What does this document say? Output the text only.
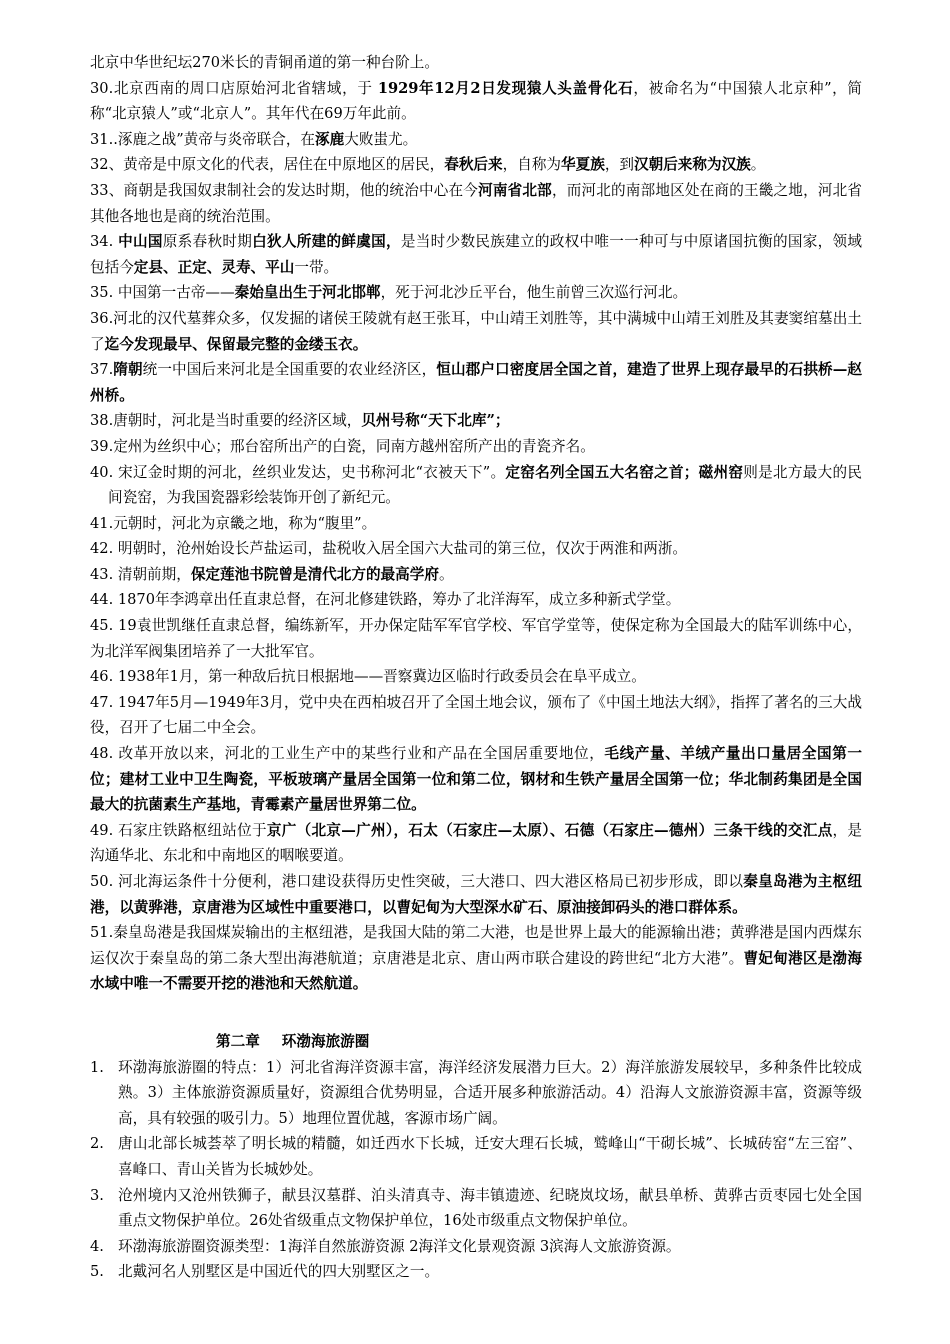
北京中华世纪坛270米长的青铜甬道的第一种台阶上。

30.北京西南的周口店原始河北省辖域，于 1929年12月2日发现猿人头盖骨化石，被命名为“中国猿人北京种”，简称“北京猿人”或“北京人”。其年代在69万年此前。

31..涿鹿之战”黄帝与炎帝联合，在涿鹿大败蚩尤。

32、黄帝是中原文化的代表，居住在中原地区的居民，春秋后来，自称为华夏族，到汉朝后来称为汉族。

33、商朝是我国奴隶制社会的发达时期，他的统治中心在今河南省北部，而河北的南部地区处在商的王畿之地，河北省其他各地也是商的统治范围。

34. 中山国原系春秋时期白狄人所建的鲜虞国，是当时少数民族建立的政权中唯一一种可与中原诸国抗衡的国家，领域包括今定县、正定、灵寿、平山一带。

35. 中国第一古帝——秦始皇出生于河北邯郸，死于河北沙丘平台，他生前曾三次巡行河北。

36.河北的汉代墓葬众多，仅发掘的诸侯王陵就有赵王张耳，中山靖王刘胜等，其中满城中山靖王刘胜及其妻窦绾墓出土了迄今发现最早、保留最完整的金缕玉衣。

37.隋朝统一中国后来河北是全国重要的农业经济区，恒山郡户口密度居全国之首，建造了世界上现存最早的石拱桥—赵州桥。

38.唐朝时，河北是当时重要的经济区域，贝州号称“天下北库”；

39.定州为丝织中心；邢台窑所出产的白瓷，同南方越州窑所产出的青瓷齐名。

40. 宋辽金时期的河北，丝织业发达，史书称河北“衣被天下”。定窑名列全国五大名窑之首；磁州窑则是北方最大的民间瓷窑，为我国瓷器彩绘装饰开创了新纪元。

41.元朝时，河北为京畿之地，称为“腹里”。

42. 明朝时，沧州始设长芦盐运司，盐税收入居全国六大盐司的第三位，仅次于两淮和两浙。

43. 清朝前期，保定莲池书院曾是清代北方的最高学府。

44. 1870年李鸿章出任直隶总督，在河北修建铁路，筹办了北洋海军，成立多种新式学堂。

45. 19袁世凯继任直隶总督，编练新军，开办保定陆军军官学校、军官学堂等，使保定称为全国最大的陆军训练中心，为北洋军阀集团培养了一大批军官。

46. 1938年1月，第一种敌后抗日根据地——晋察冀边区临时行政委员会在阜平成立。

47. 1947年5月—1949年3月，党中央在西柏坡召开了全国土地会议，颁布了《中国土地法大纲》，指挥了著名的三大战役，召开了七届二中全会。

48. 改革开放以来，河北的工业生产中的某些行业和产品在全国居重要地位，毛线产量、羊绒产量出口量居全国第一位；建材工业中卫生陶瓷，平板玻璃产量居全国第一位和第二位，钢材和生铁产量居全国第一位；华北制药集团是全国最大的抗菌素生产基地，青霉素产量居世界第二位。

49. 石家庄铁路枢纽站位于京广（北京—广州），石太（石家庄—太原）、石德（石家庄—德州）三条干线的交汇点，是沟通华北、东北和中南地区的咽喉要道。

50. 河北海运条件十分便利，港口建设获得历史性突破，三大港口、四大港区格局已初步形成，即以秦皇岛港为主枢纽港，以黄骅港，京唐港为区域性中重要港口，以曹妃甸为大型深水矿石、原油接卸码头的港口群体系。

51.秦皇岛港是我国煤炭输出的主枢纽港，是我国大陆的第二大港，也是世界上最大的能源输出港；黄骅港是国内西煤东运仅次于秦皇岛的第二条大型出海港航道；京唐港是北京、唐山两市联合建设的跨世纪“北方大港”。曹妃甸港区是渤海水域中唯一不需要开挖的港池和天然航道。

第二章 环渤海旅游圈

1. 环渤海旅游圈的特点：1）河北省海洋资源丰富，海洋经济发展潜力巨大。2）海洋旅游发展较早，多种条件比较成熟。3）主体旅游资源质量好，资源组合优势明显，合适开展多种旅游活动。4）沿海人文旅游资源丰富，资源等级高，具有较强的吸引力。5）地理位置优越，客源市场广阔。
2. 唐山北部长城荟萃了明长城的精髓，如迁西水下长城，迁安大理石长城，鹫峰山“干砌长城”、长城砖窑“左三窑”、喜峰口、青山关皆为长城妙处。
3. 沧州境内又沧州铁狮子，献县汉墓群、泊头清真寺、海丰镇遗迹、纪晓岚坟场，献县单桥、黄骅古贡枣园七处全国重点文物保护单位。26处省级重点文物保护单位，16处市级重点文物保护单位。
4. 环渤海旅游圈资源类型：1海洋自然旅游资源 2海洋文化景观资源 3滨海人文旅游资源。
5. 北戴河名人别墅区是中国近代的四大别墅区之一。
